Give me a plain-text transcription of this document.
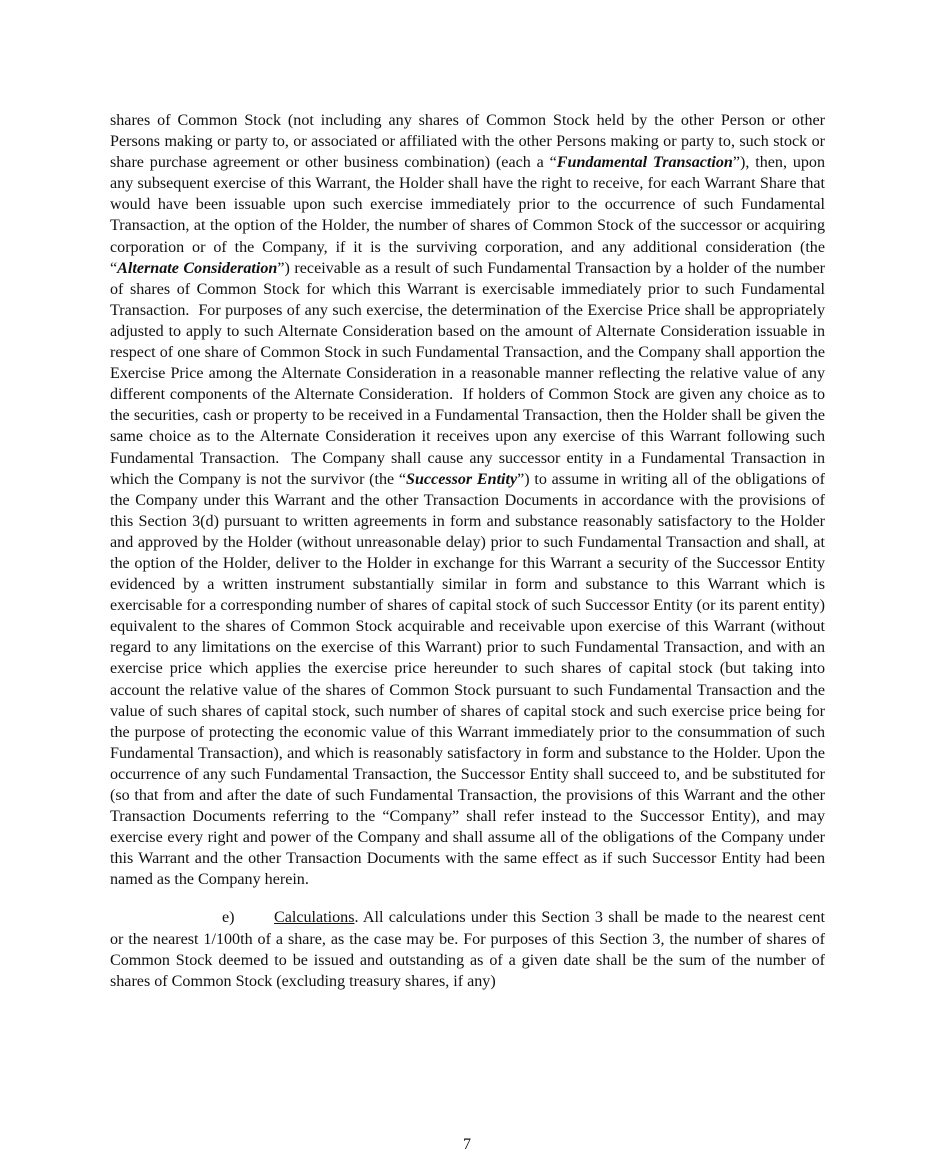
shares of Common Stock (not including any shares of Common Stock held by the other Person or other Persons making or party to, or associated or affiliated with the other Persons making or party to, such stock or share purchase agreement or other business combination) (each a “Fundamental Transaction”), then, upon any subsequent exercise of this Warrant, the Holder shall have the right to receive, for each Warrant Share that would have been issuable upon such exercise immediately prior to the occurrence of such Fundamental Transaction, at the option of the Holder, the number of shares of Common Stock of the successor or acquiring corporation or of the Company, if it is the surviving corporation, and any additional consideration (the “Alternate Consideration”) receivable as a result of such Fundamental Transaction by a holder of the number of shares of Common Stock for which this Warrant is exercisable immediately prior to such Fundamental Transaction.  For purposes of any such exercise, the determination of the Exercise Price shall be appropriately adjusted to apply to such Alternate Consideration based on the amount of Alternate Consideration issuable in respect of one share of Common Stock in such Fundamental Transaction, and the Company shall apportion the Exercise Price among the Alternate Consideration in a reasonable manner reflecting the relative value of any different components of the Alternate Consideration.  If holders of Common Stock are given any choice as to the securities, cash or property to be received in a Fundamental Transaction, then the Holder shall be given the same choice as to the Alternate Consideration it receives upon any exercise of this Warrant following such Fundamental Transaction.  The Company shall cause any successor entity in a Fundamental Transaction in which the Company is not the survivor (the “Successor Entity”) to assume in writing all of the obligations of the Company under this Warrant and the other Transaction Documents in accordance with the provisions of this Section 3(d) pursuant to written agreements in form and substance reasonably satisfactory to the Holder and approved by the Holder (without unreasonable delay) prior to such Fundamental Transaction and shall, at the option of the Holder, deliver to the Holder in exchange for this Warrant a security of the Successor Entity evidenced by a written instrument substantially similar in form and substance to this Warrant which is exercisable for a corresponding number of shares of capital stock of such Successor Entity (or its parent entity) equivalent to the shares of Common Stock acquirable and receivable upon exercise of this Warrant (without regard to any limitations on the exercise of this Warrant) prior to such Fundamental Transaction, and with an exercise price which applies the exercise price hereunder to such shares of capital stock (but taking into account the relative value of the shares of Common Stock pursuant to such Fundamental Transaction and the value of such shares of capital stock, such number of shares of capital stock and such exercise price being for the purpose of protecting the economic value of this Warrant immediately prior to the consummation of such Fundamental Transaction), and which is reasonably satisfactory in form and substance to the Holder. Upon the occurrence of any such Fundamental Transaction, the Successor Entity shall succeed to, and be substituted for (so that from and after the date of such Fundamental Transaction, the provisions of this Warrant and the other Transaction Documents referring to the “Company” shall refer instead to the Successor Entity), and may exercise every right and power of the Company and shall assume all of the obligations of the Company under this Warrant and the other Transaction Documents with the same effect as if such Successor Entity had been named as the Company herein.

e) Calculations. All calculations under this Section 3 shall be made to the nearest cent or the nearest 1/100th of a share, as the case may be. For purposes of this Section 3, the number of shares of Common Stock deemed to be issued and outstanding as of a given date shall be the sum of the number of shares of Common Stock (excluding treasury shares, if any)

7
